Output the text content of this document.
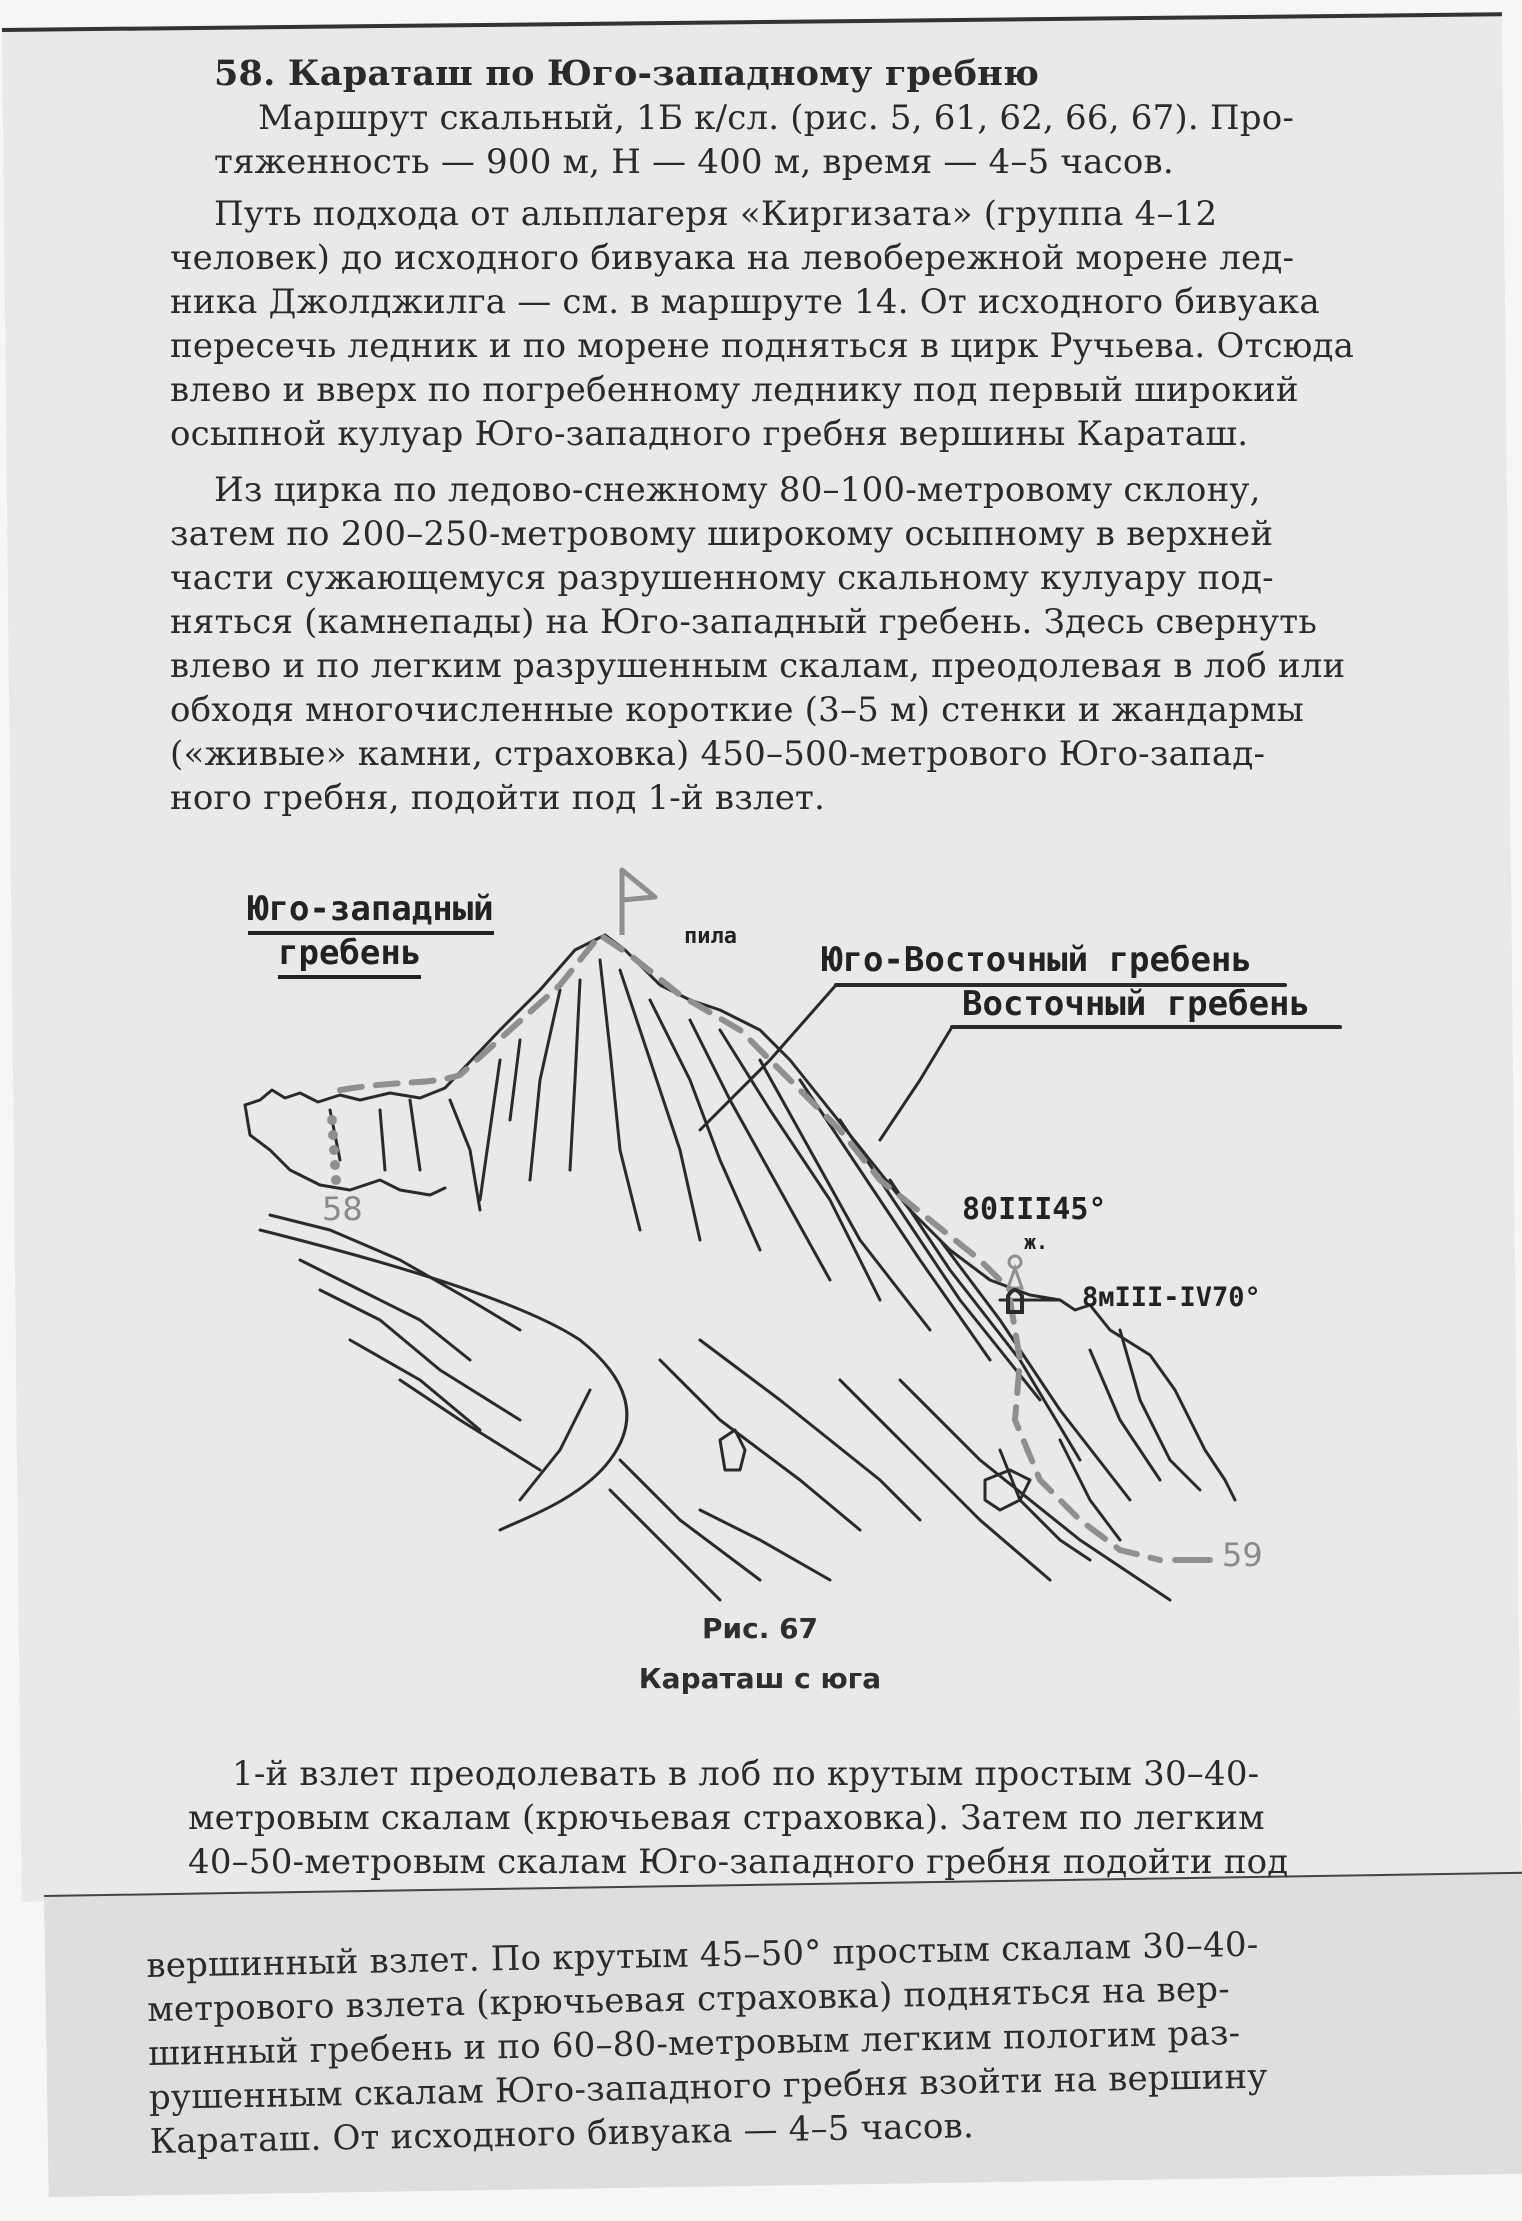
58. Караташ по Юго-западному гребню
Маршрут скальный, 1Б к/сл. (рис. 5, 61, 62, 66, 67). Про-
тяженность — 900 м, Н — 400 м, время — 4–5 часов.
Путь подхода от альплагеря «Киргизата» (группа 4–12
человек) до исходного бивуака на левобережной морене лед-
ника Джолджилга — см. в маршруте 14. От исходного бивуака
пересечь ледник и по морене подняться в цирк Ручьева. Отсюда
влево и вверх по погребенному леднику под первый широкий
осыпной кулуар Юго-западного гребня вершины Караташ.
Из цирка по ледово-снежному 80–100-метровому склону,
затем по 200–250-метровому широкому осыпному в верхней
части сужающемуся разрушенному скальному кулуару под-
няться (камнепады) на Юго-западный гребень. Здесь свернуть
влево и по легким разрушенным скалам, преодолевая в лоб или
обходя многочисленные короткие (3–5 м) стенки и жандармы
(«живые» камни, страховка) 450–500-метрового Юго-запад-
ного гребня, подойти под 1-й взлет.
Юго-западный
гребень	пила
Юго-Восточный гребень
Восточный гребень
80III45°
ж.
8мIII-IV70°
58
59
Рис. 67
Караташ с юга
1-й взлет преодолевать в лоб по крутым простым 30–40-
метровым скалам (крючьевая страховка). Затем по легким
40–50-метровым скалам Юго-западного гребня подойти под
вершинный взлет. По крутым 45–50° простым скалам 30–40-
метрового взлета (крючьевая страховка) подняться на вер-
шинный гребень и по 60–80-метровым легким пологим раз-
рушенным скалам Юго-западного гребня взойти на вершину
Караташ. От исходного бивуака — 4–5 часов.
